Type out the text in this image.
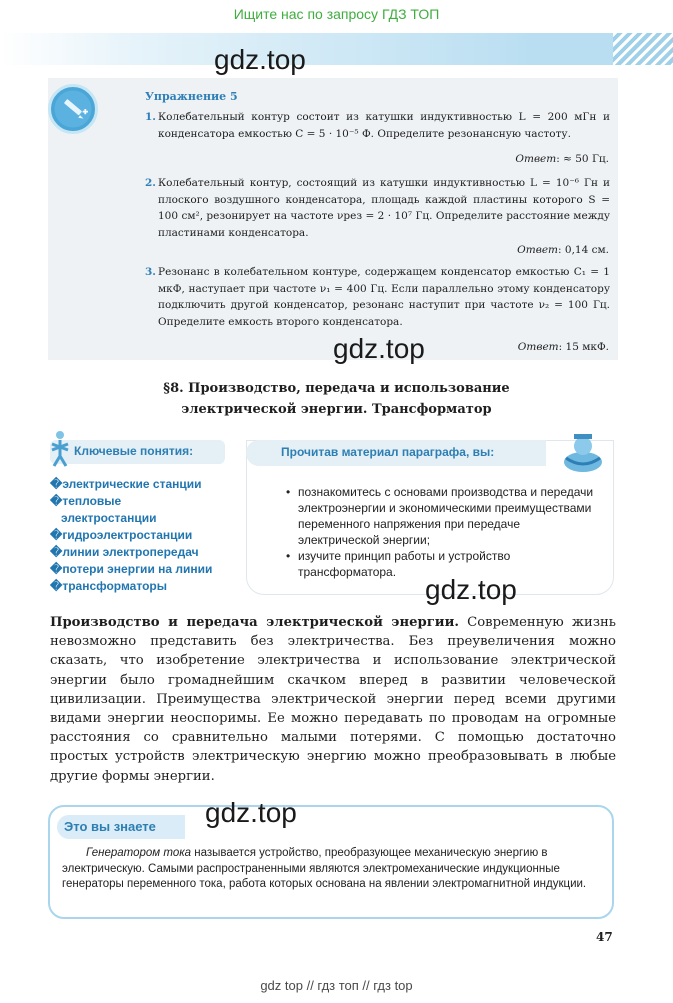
Ищите нас по запросу ГДЗ ТОП
gdz.top
Упражнение 5
1. Колебательный контур состоит из катушки индуктивностью L = 200 мГн и конденсатора емкостью C = 5 · 10⁻⁵ Ф. Определите резонансную частоту.
Ответ: ≈ 50 Гц.
2. Колебательный контур, состоящий из катушки индуктивностью L = 10⁻⁶ Гн и плоского воздушного конденсатора, площадь каждой пластины которого S = 100 см², резонирует на частоте νрез = 2 · 10⁷ Гц. Определите расстояние между пластинами конденсатора.
Ответ: 0,14 см.
3. Резонанс в колебательном контуре, содержащем конденсатор емкостью C₁ = 1 мкФ, наступает при частоте ν₁ = 400 Гц. Если параллельно этому конденсатору подключить другой конденсатор, резонанс наступит при частоте ν₂ = 100 Гц. Определите емкость второго конденсатора.
Ответ: 15 мкФ.
gdz.top
§8. Производство, передача и использование
электрической энергии. Трансформатор
Ключевые понятия:
�электрические станции
�тепловые
электростанции
�гидроэлектростанции
�линии электропередач
�потери энергии на линии
�трансформаторы
Прочитав материал параграфа, вы:
• познакомитесь с основами производства и передачи электроэнергии и экономическими преимуществами переменного напряжения при передаче электрической энергии;
• изучите принцип работы и устройство трансформатора.
gdz.top
Производство и передача электрической энергии. Современную жизнь невозможно представить без электричества. Без преувеличения можно сказать, что изобретение электричества и использование электрической энергии было громаднейшим скачком вперед в развитии человеческой цивилизации. Преимущества электрической энергии перед всеми другими видами энергии неоспоримы. Ее можно передавать по проводам на огромные расстояния со сравнительно малыми потерями. С помощью достаточно простых устройств электрическую энергию можно преобразовывать в любые другие формы энергии.
Это вы знаете gdz.top
Генератором тока называется устройство, преобразующее механическую энергию в электрическую. Самыми распространенными являются электромеханические индукционные генераторы переменного тока, работа которых основана на явлении электромагнитной индукции.
47
gdz top // гдз топ // гдз top
